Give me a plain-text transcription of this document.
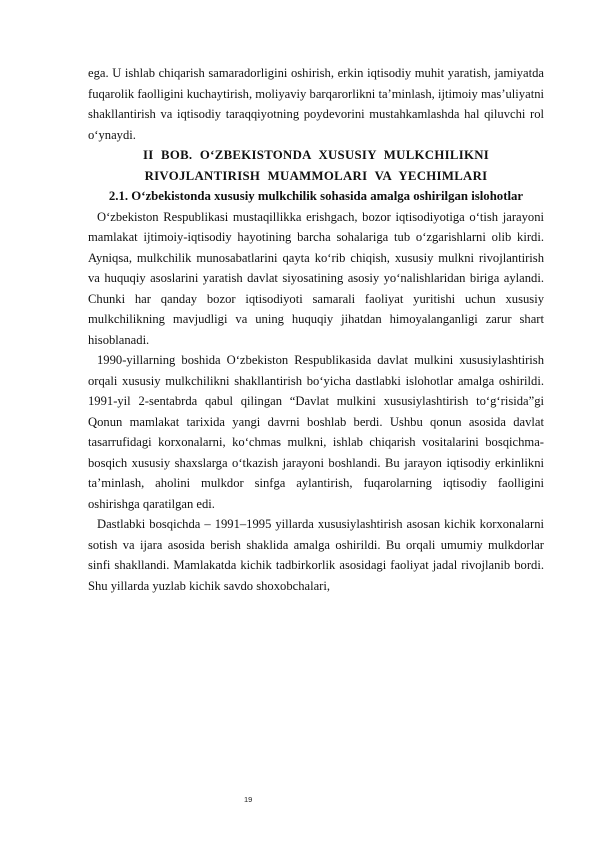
ega. U ishlab chiqarish samaradorligini oshirish, erkin iqtisodiy muhit yaratish, jamiyatda fuqarolik faolligini kuchaytirish, moliyaviy barqarorlikni ta’minlash, ijtimoiy mas’uliyatni shakllantirish va iqtisodiy taraqqiyotning poydevorini mustahkamlashda hal qiluvchi rol o‘ynaydi.

II BOB. O‘ZBEKISTONDA XUSUSIY MULKCHILIKNI
RIVOJLANTIRISH MUAMMOLARI VA YECHIMLARI
2.1. O‘zbekistonda xususiy mulkchilik sohasida amalga oshirilgan islohotlar

O‘zbekiston Respublikasi mustaqillikka erishgach, bozor iqtisodiyotiga o‘tish jarayoni mamlakat ijtimoiy-iqtisodiy hayotining barcha sohalariga tub o‘zgarishlarni olib kirdi. Ayniqsa, mulkchilik munosabatlarini qayta ko‘rib chiqish, xususiy mulkni rivojlantirish va huquqiy asoslarini yaratish davlat siyosatining asosiy yo‘nalishlaridan biriga aylandi. Chunki har qanday bozor iqtisodiyoti samarali faoliyat yuritishi uchun xususiy mulkchilikning mavjudligi va uning huquqiy jihatdan himoyalanganligi zarur shart hisoblanadi.

1990-yillarning boshida O‘zbekiston Respublikasida davlat mulkini xususiylashtirish orqali xususiy mulkchilikni shakllantirish bo‘yicha dastlabki islohotlar amalga oshirildi. 1991-yil 2-sentabrda qabul qilingan “Davlat mulkini xususiylashtirish to‘g‘risida”gi Qonun mamlakat tarixida yangi davrni boshlab berdi. Ushbu qonun asosida davlat tasarrufidagi korxonalarni, ko‘chmas mulkni, ishlab chiqarish vositalarini bosqichma-bosqich xususiy shaxslarga o‘tkazish jarayoni boshlandi. Bu jarayon iqtisodiy erkinlikni ta’minlash, aholini mulkdor sinfga aylantirish, fuqarolarning iqtisodiy faolligini oshirishga qaratilgan edi.

Dastlabki bosqichda – 1991–1995 yillarda xususiylashtirish asosan kichik korxonalarni sotish va ijara asosida berish shaklida amalga oshirildi. Bu orqali umumiy mulkdorlar sinfi shakllandi. Mamlakatda kichik tadbirkorlik asosidagi faoliyat jadal rivojlanib bordi. Shu yillarda yuzlab kichik savdo shoxobchalari,

19
